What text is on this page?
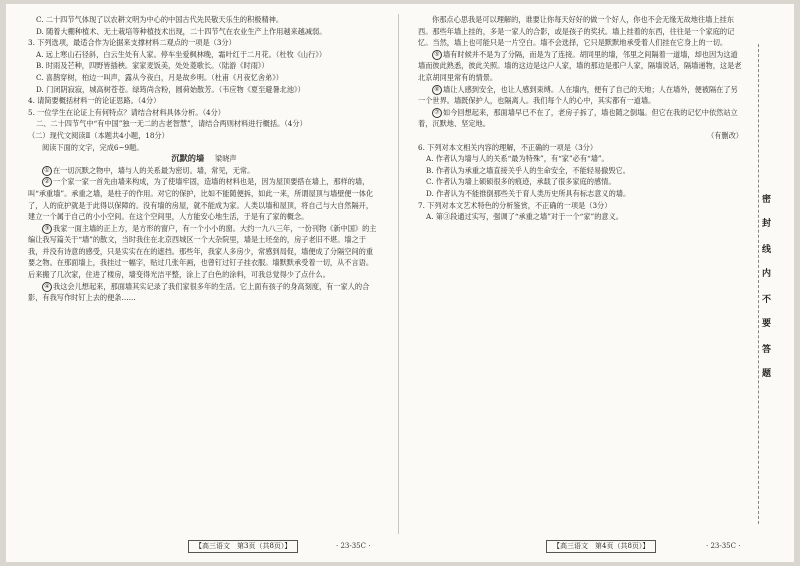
C. 二十四节气体现了以农耕文明为中心的中国古代先民敬天乐生的积极精神。

D. 随着大棚种植术、无土栽培等种植技术出现，二十四节气在农业生产上作用越来越减弱。

3. 下列选项，最适合作为论据来支撑材料二观点的一项是（3分）

A. 远上寒山石径斜，白云生处有人家。停车坐爱枫林晚，霜叶红于二月花。（杜牧《山行》）

B. 时雨及芒种，四野皆插秧。家家麦饭美，处处菱歌长。（陆游《时雨》）

C. 喜鹊穿树，柏边一叫声，露从今夜白，月是故乡明。（杜甫《月夜忆舍弟》）

D. 门闭阴寂寂，城高树苍苍。绿筠尚含粉，圆荷始散芳。（韦应物《夏至避暑北池》）

4. 请简要概括材料一的论证思路。（4分）

5. 一位学生在论证上有何特点？请结合材料具体分析。（4分）

二、二十四节气中“有中国”独一无二的古老智慧”，请结合两则材料进行概括。（4分）

（二）现代文阅读Ⅱ（本题共4小题，18分）

阅读下面的文字，完成6~9题。

沉默的墙 梁晓声

① 在一切沉默之物中，墙与人的关系最为密切。墙，常见，无常。

② 一个家一家一首先由墙来构成，为了使墙牢固，造墙的材料也是，因为屋顶要搭在墙上，那样的墙，叫“承重墙”。承重之墙，是柱子的作用。对它的保护，比如不能随便拆，如此一来，所谓屋顶与墙壁便一体化了，人的庇护就是于此得以保障的。没有墙的房屋，就不能成为家。人类以墙和屋顶，将自己与大自然隔开，建立一个属于自己的小小空间。在这个空间里，人方能安心地生活，于是有了家的概念。

③ 我家一面主墙的正上方，是方形的窗户，有一个小小的窗。大约一九八三年，一份刊物《新中国》的主编让我写篇关于“墙”的散文，当时我住在北京西城区一个大杂院里，墙是土坯垒的，房子老旧不堪。墙之于我，并没有诗意的感受，只是实实在在的遮挡。那些年，我家人多房少，常感到局促，墙便成了分隔空间的重要之物。在那面墙上，我挂过一幅字，贴过几张年画，也曾钉过钉子挂衣服。墙默默承受着一切，从不言语。后来搬了几次家，住进了楼房，墙变得光洁平整，涂上了白色的涂料，可我总觉得少了点什么。

④ 我这会儿想起来，那面墙其实记录了我们家很多年的生活。它上面有孩子的身高刻度，有一家人的合影，有我写作时钉上去的便条……

你那点心思我是可以理解的，谁要让你每天好好的做一个好人，你也不会无缘无故地往墙上挂东西。那些年墙上挂的，多是一家人的合影，或是孩子的奖状。墙上挂着的东西，往往是一个家庭的记忆。当然，墙上也可能只是一片空白。墙不会选择，它只是默默地承受着人们挂在它身上的一切。

⑤ 墙有时候并不是为了分隔，而是为了连接。胡同里的墙，邻里之间隔着一道墙，却也因为这道墙而彼此熟悉，彼此关照。墙的这边是这户人家，墙的那边是那户人家，隔墙说话，隔墙递物，这是老北京胡同里常有的情景。

⑥ 墙让人感到安全，也让人感到束缚。人在墙内，便有了自己的天地；人在墙外，便被隔在了另一个世界。墙既保护人，也隔离人。我们每个人的心中，其实都有一道墙。

⑦ 如今回想起来，那面墙早已不在了，老房子拆了，墙也随之倒塌。但它在我的记忆中依然站立着，沉默地、坚定地。

（有删改）

6. 下列对本文相关内容的理解，不正确的一项是（3分）

A. 作者认为墙与人的关系“最为特殊”，有“家”必有“墙”。

B. 作者认为承重之墙直接关乎人的生命安全，不能轻易撤毁它。

C. 作者认为墙上硕硕很多的痕迹，承载了很多家庭的感情。

D. 作者认为不能推倒那些关于育人类历史所具有标志意义的墙。

7. 下列对本文艺术特色的分析鉴赏，不正确的一项是（3分）

A. 第③段通过实写，强调了“承重之墙”对于一个“家”的意义。

【高三语文　第3页（共8页）】	· 23-35C ·	【高三语文　第4页（共8页）】	· 23-35C ·
密
封
线
内
不
要
答
题
